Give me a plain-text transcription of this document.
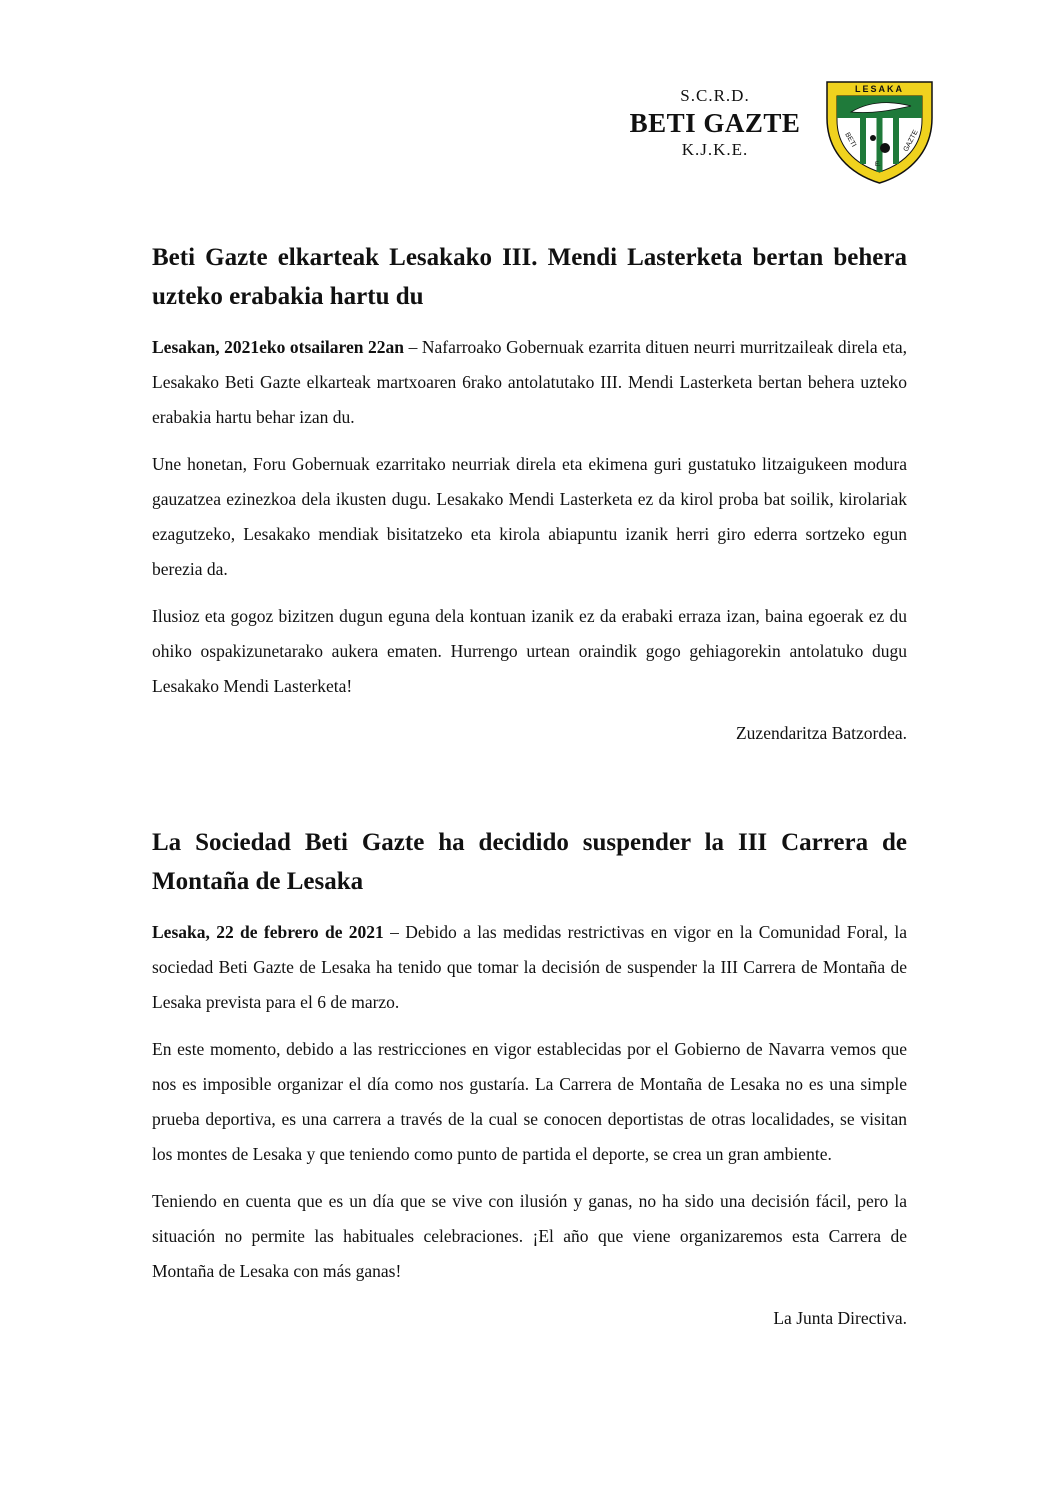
S.C.R.D.
BETI GAZTE
K.J.K.E.
LESAKA
BETI	GAZTE
E.
Beti Gazte elkarteak Lesakako III. Mendi Lasterketa bertan behera uzteko erabakia hartu du

Lesakan, 2021eko otsailaren 22an – Nafarroako Gobernuak ezarrita dituen neurri murritzaileak direla eta, Lesakako Beti Gazte elkarteak martxoaren 6rako antolatutako III. Mendi Lasterketa bertan behera uzteko erabakia hartu behar izan du.

Une honetan, Foru Gobernuak ezarritako neurriak direla eta ekimena guri gustatuko litzaigukeen modura gauzatzea ezinezkoa dela ikusten dugu. Lesakako Mendi Lasterketa ez da kirol proba bat soilik, kirolariak ezagutzeko, Lesakako mendiak bisitatzeko eta kirola abiapuntu izanik herri giro ederra sortzeko egun berezia da.

Ilusioz eta gogoz bizitzen dugun eguna dela kontuan izanik ez da erabaki erraza izan, baina egoerak ez du ohiko ospakizunetarako aukera ematen. Hurrengo urtean oraindik gogo gehiagorekin antolatuko dugu Lesakako Mendi Lasterketa!

Zuzendaritza Batzordea.
La Sociedad Beti Gazte ha decidido suspender la III Carrera de Montaña de Lesaka

Lesaka, 22 de febrero de 2021 – Debido a las medidas restrictivas en vigor en la Comunidad Foral, la sociedad Beti Gazte de Lesaka ha tenido que tomar la decisión de suspender la III Carrera de Montaña de Lesaka prevista para el 6 de marzo.

En este momento, debido a las restricciones en vigor establecidas por el Gobierno de Navarra vemos que nos es imposible organizar el día como nos gustaría. La Carrera de Montaña de Lesaka no es una simple prueba deportiva, es una carrera a través de la cual se conocen deportistas de otras localidades, se visitan los montes de Lesaka y que teniendo como punto de partida el deporte, se crea un gran ambiente.

Teniendo en cuenta que es un día que se vive con ilusión y ganas, no ha sido una decisión fácil, pero la situación no permite las habituales celebraciones. ¡El año que viene organizaremos esta Carrera de Montaña de Lesaka con más ganas!

La Junta Directiva.
